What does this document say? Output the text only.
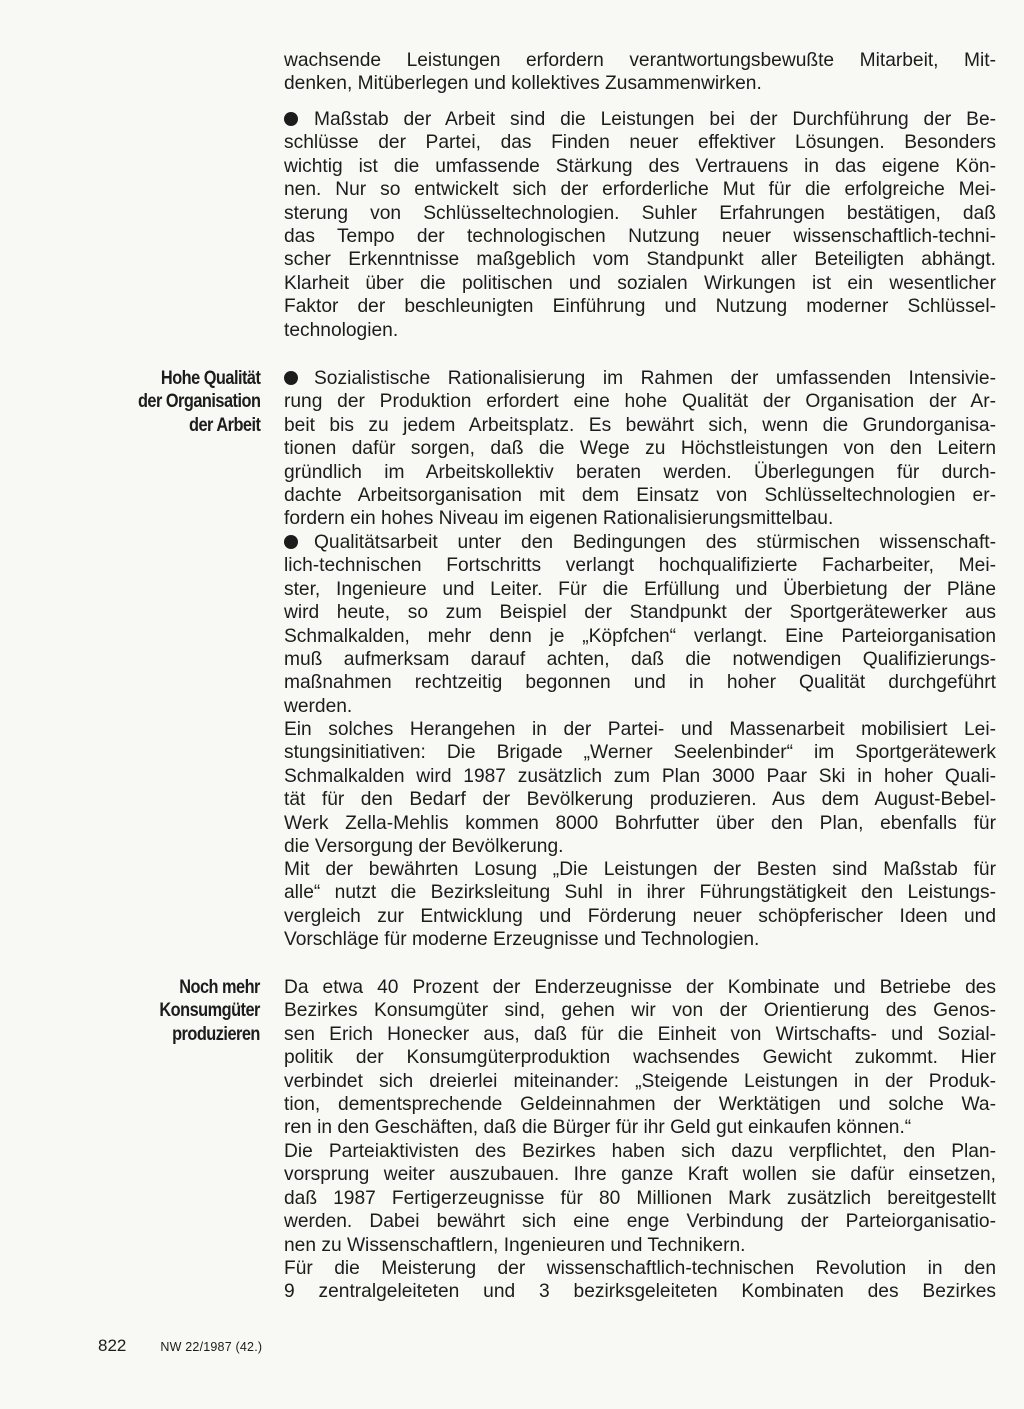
wachsende Leistungen erfordern verantwortungsbewußte Mitarbeit, Mit-
denken, Mitüberlegen und kollektives Zusammenwirken.
Maßstab der Arbeit sind die Leistungen bei der Durchführung der Be-
schlüsse der Partei, das Finden neuer effektiver Lösungen. Besonders
wichtig ist die umfassende Stärkung des Vertrauens in das eigene Kön-
nen. Nur so entwickelt sich der erforderliche Mut für die erfolgreiche Mei-
sterung von Schlüsseltechnologien. Suhler Erfahrungen bestätigen, daß
das Tempo der technologischen Nutzung neuer wissenschaftlich-techni-
scher Erkenntnisse maßgeblich vom Standpunkt aller Beteiligten abhängt.
Klarheit über die politischen und sozialen Wirkungen ist ein wesentlicher
Faktor der beschleunigten Einführung und Nutzung moderner Schlüssel-
technologien.
Hohe Qualität
der Organisation
der Arbeit
Sozialistische Rationalisierung im Rahmen der umfassenden Intensivie-
rung der Produktion erfordert eine hohe Qualität der Organisation der Ar-
beit bis zu jedem Arbeitsplatz. Es bewährt sich, wenn die Grundorganisa-
tionen dafür sorgen, daß die Wege zu Höchstleistungen von den Leitern
gründlich im Arbeitskollektiv beraten werden. Überlegungen für durch-
dachte Arbeitsorganisation mit dem Einsatz von Schlüsseltechnologien er-
fordern ein hohes Niveau im eigenen Rationalisierungsmittelbau.
Qualitätsarbeit unter den Bedingungen des stürmischen wissenschaft-
lich-technischen Fortschritts verlangt hochqualifizierte Facharbeiter, Mei-
ster, Ingenieure und Leiter. Für die Erfüllung und Überbietung der Pläne
wird heute, so zum Beispiel der Standpunkt der Sportgerätewerker aus
Schmalkalden, mehr denn je „Köpfchen“ verlangt. Eine Parteiorganisation
muß aufmerksam darauf achten, daß die notwendigen Qualifizierungs-
maßnahmen rechtzeitig begonnen und in hoher Qualität durchgeführt
werden.
Ein solches Herangehen in der Partei- und Massenarbeit mobilisiert Lei-
stungsinitiativen: Die Brigade „Werner Seelenbinder“ im Sportgerätewerk
Schmalkalden wird 1987 zusätzlich zum Plan 3000 Paar Ski in hoher Quali-
tät für den Bedarf der Bevölkerung produzieren. Aus dem August-Bebel-
Werk Zella-Mehlis kommen 8000 Bohrfutter über den Plan, ebenfalls für
die Versorgung der Bevölkerung.
Mit der bewährten Losung „Die Leistungen der Besten sind Maßstab für
alle“ nutzt die Bezirksleitung Suhl in ihrer Führungstätigkeit den Leistungs-
vergleich zur Entwicklung und Förderung neuer schöpferischer Ideen und
Vorschläge für moderne Erzeugnisse und Technologien.
Noch mehr
Konsumgüter
produzieren
Da etwa 40 Prozent der Enderzeugnisse der Kombinate und Betriebe des
Bezirkes Konsumgüter sind, gehen wir von der Orientierung des Genos-
sen Erich Honecker aus, daß für die Einheit von Wirtschafts- und Sozial-
politik der Konsumgüterproduktion wachsendes Gewicht zukommt. Hier
verbindet sich dreierlei miteinander: „Steigende Leistungen in der Produk-
tion, dementsprechende Geldeinnahmen der Werktätigen und solche Wa-
ren in den Geschäften, daß die Bürger für ihr Geld gut einkaufen können.“
Die Parteiaktivisten des Bezirkes haben sich dazu verpflichtet, den Plan-
vorsprung weiter auszubauen. Ihre ganze Kraft wollen sie dafür einsetzen,
daß 1987 Fertigerzeugnisse für 80 Millionen Mark zusätzlich bereitgestellt
werden. Dabei bewährt sich eine enge Verbindung der Parteiorganisatio-
nen zu Wissenschaftlern, Ingenieuren und Technikern.
Für die Meisterung der wissenschaftlich-technischen Revolution in den
9 zentralgeleiteten und 3 bezirksgeleiteten Kombinaten des Bezirkes
822	NW 22/1987 (42.)
